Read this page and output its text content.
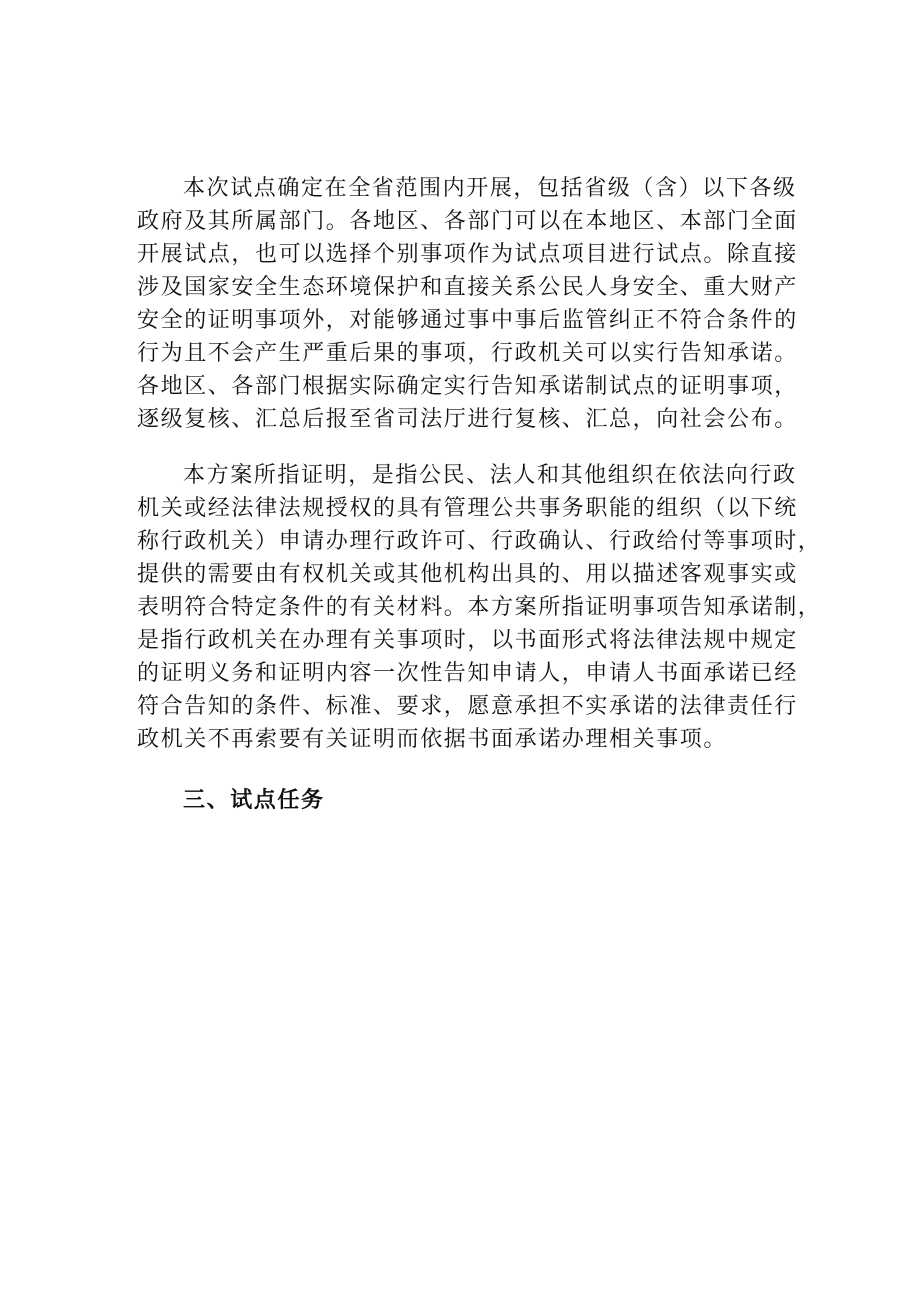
本次试点确定在全省范围内开展，包括省级（含）以下各级
政府及其所属部门。各地区、各部门可以在本地区、本部门全面
开展试点，也可以选择个别事项作为试点项目进行试点。除直接
涉及国家安全生态环境保护和直接关系公民人身安全、重大财产
安全的证明事项外，对能够通过事中事后监管纠正不符合条件的
行为且不会产生严重后果的事项，行政机关可以实行告知承诺。
各地区、各部门根据实际确定实行告知承诺制试点的证明事项，
逐级复核、汇总后报至省司法厅进行复核、汇总，向社会公布。

本方案所指证明，是指公民、法人和其他组织在依法向行政
机关或经法律法规授权的具有管理公共事务职能的组织（以下统
称行政机关）申请办理行政许可、行政确认、行政给付等事项时，
提供的需要由有权机关或其他机构出具的、用以描述客观事实或
表明符合特定条件的有关材料。本方案所指证明事项告知承诺制，
是指行政机关在办理有关事项时，以书面形式将法律法规中规定
的证明义务和证明内容一次性告知申请人，申请人书面承诺已经
符合告知的条件、标准、要求，愿意承担不实承诺的法律责任行
政机关不再索要有关证明而依据书面承诺办理相关事项。

三、试点任务
